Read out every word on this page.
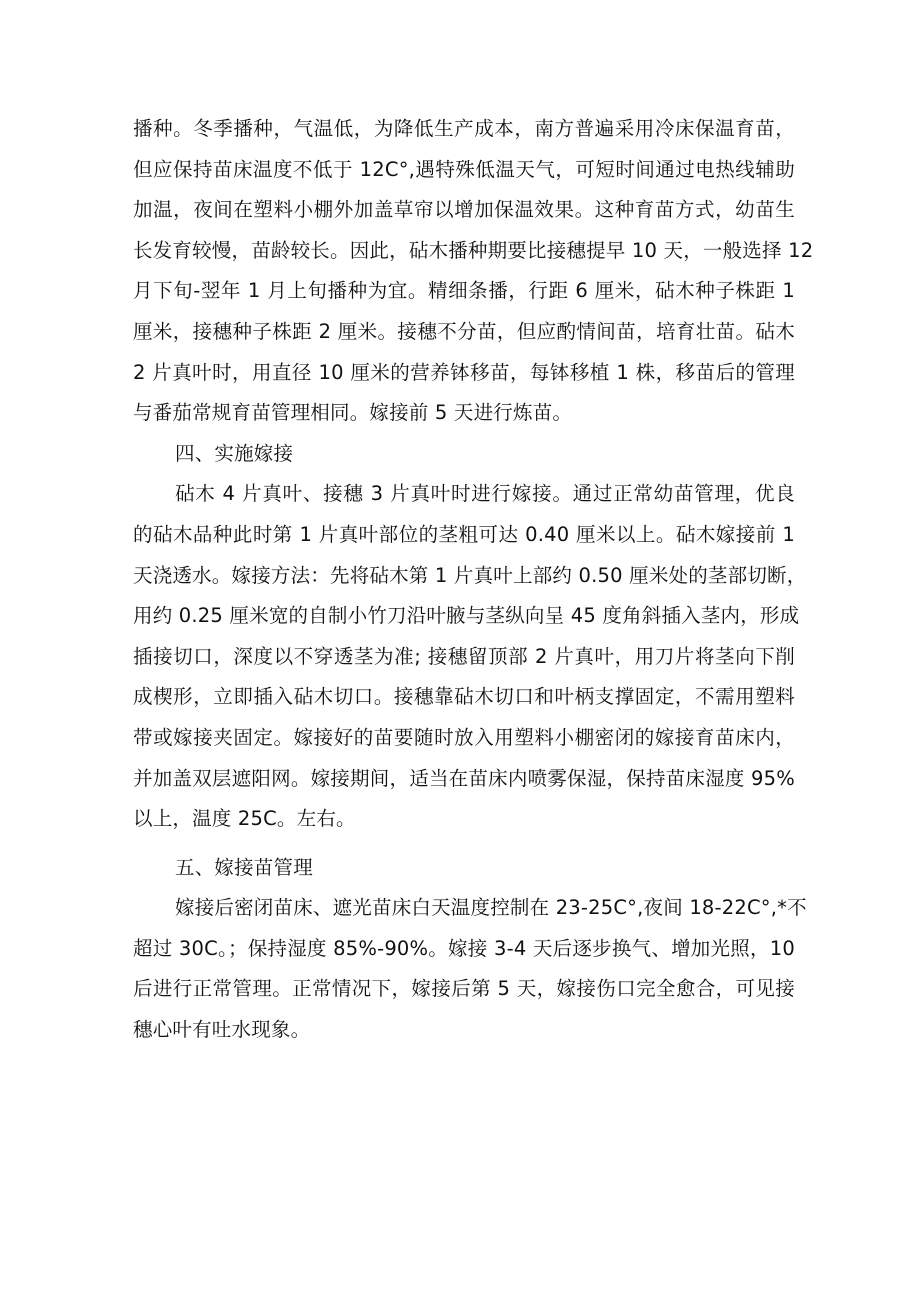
播种。冬季播种，气温低，为降低生产成本，南方普遍采用冷床保温育苗，
但应保持苗床温度不低于 12C°,遇特殊低温天气，可短时间通过电热线辅助
加温，夜间在塑料小棚外加盖草帘以增加保温效果。这种育苗方式，幼苗生
长发育较慢，苗龄较长。因此，砧木播种期要比接穗提早 10 天，一般选择 12
月下旬-翌年 1 月上旬播种为宜。精细条播，行距 6 厘米，砧木种子株距 1
厘米，接穗种子株距 2 厘米。接穗不分苗，但应酌情间苗，培育壮苗。砧木
2 片真叶时，用直径 10 厘米的营养钵移苗，每钵移植 1 株，移苗后的管理
与番茄常规育苗管理相同。嫁接前 5 天进行炼苗。
四、实施嫁接
砧木 4 片真叶、接穗 3 片真叶时进行嫁接。通过正常幼苗管理，优良
的砧木品种此时第 1 片真叶部位的茎粗可达 0.40 厘米以上。砧木嫁接前 1
天浇透水。嫁接方法：先将砧木第 1 片真叶上部约 0.50 厘米处的茎部切断，
用约 0.25 厘米宽的自制小竹刀沿叶腋与茎纵向呈 45 度角斜插入茎内，形成
插接切口，深度以不穿透茎为准; 接穗留顶部 2 片真叶，用刀片将茎向下削
成楔形，立即插入砧木切口。接穗靠砧木切口和叶柄支撑固定，不需用塑料
带或嫁接夹固定。嫁接好的苗要随时放入用塑料小棚密闭的嫁接育苗床内，
并加盖双层遮阳网。嫁接期间，适当在苗床内喷雾保湿，保持苗床湿度 95%
以上，温度 25C。左右。
五、嫁接苗管理
嫁接后密闭苗床、遮光苗床白天温度控制在 23-25C°,夜间 18-22C°,*不
超过 30C。；保持湿度 85%-90%。嫁接 3-4 天后逐步换气、增加光照，10
后进行正常管理。正常情况下，嫁接后第 5 天，嫁接伤口完全愈合，可见接
穗心叶有吐水现象。
